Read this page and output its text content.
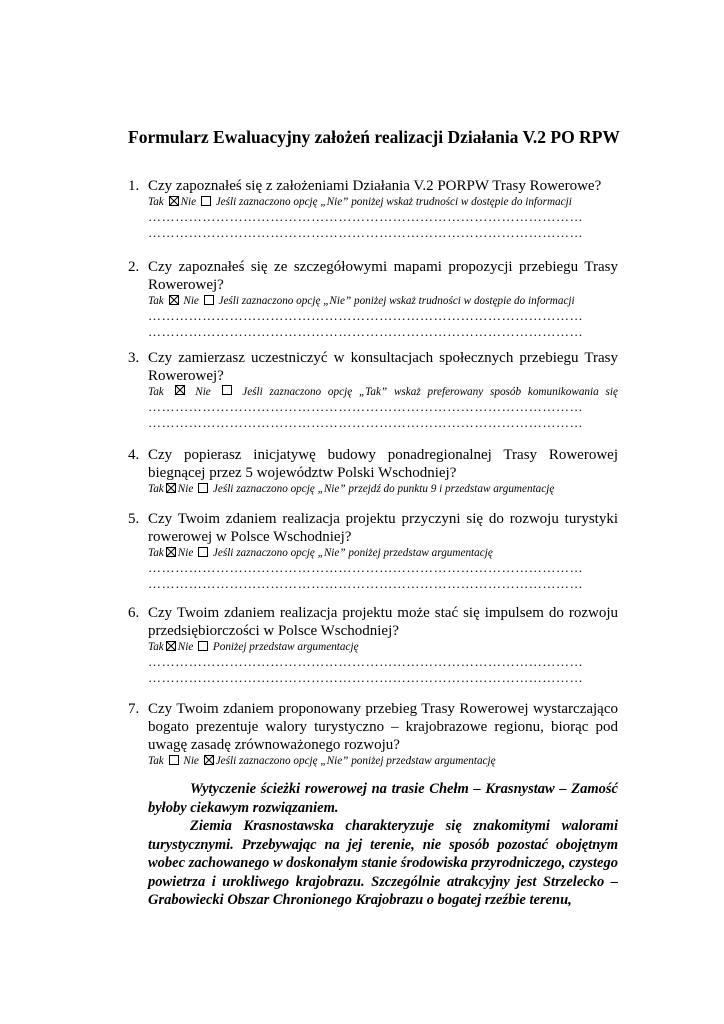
Formularz Ewaluacyjny założeń realizacji Działania V.2 PO RPW
1. Czy zapoznałeś się z założeniami Działania V.2 PORPW Trasy Rowerowe?
Tak Nie Jeśli zaznaczono opcję „Nie” poniżej wskaż trudności w dostępie do informacji
……………………………………………………………………………………
……………………………………………………………………………………
2. Czy zapoznałeś się ze szczegółowymi mapami propozycji przebiegu Trasy Rowerowej?
Tak Nie Jeśli zaznaczono opcję „Nie” poniżej wskaż trudności w dostępie do informacji
……………………………………………………………………………………
……………………………………………………………………………………
3. Czy zamierzasz uczestniczyć w konsultacjach społecznych przebiegu Trasy Rowerowej?
Tak	Nie	Jeśli zaznaczono opcję „Tak” wskaż preferowany sposób komunikowania się
……………………………………………………………………………………
……………………………………………………………………………………
4. Czy popierasz inicjatywę budowy ponadregionalnej Trasy Rowerowej biegnącej przez 5 województw Polski Wschodniej?
Tak Nie Jeśli zaznaczono opcję „Nie” przejdź do punktu 9 i przedstaw argumentację
5. Czy Twoim zdaniem realizacja projektu przyczyni się do rozwoju turystyki rowerowej w Polsce Wschodniej?
Tak Nie Jeśli zaznaczono opcję „Nie” poniżej przedstaw argumentację
……………………………………………………………………………………
……………………………………………………………………………………
6. Czy Twoim zdaniem realizacja projektu może stać się impulsem do rozwoju przedsiębiorczości w Polsce Wschodniej?
Tak Nie Poniżej przedstaw argumentację
……………………………………………………………………………………
……………………………………………………………………………………
7. Czy Twoim zdaniem proponowany przebieg Trasy Rowerowej wystarczająco bogato prezentuje walory turystyczno – krajobrazowe regionu, biorąc pod uwagę zasadę zrównoważonego rozwoju?
Tak Nie Jeśli zaznaczono opcję „Nie” poniżej przedstaw argumentację

Wytyczenie ścieżki rowerowej na trasie Chełm – Krasnystaw – Zamość byłoby ciekawym rozwiązaniem.

Ziemia Krasnostawska charakteryzuje się znakomitymi walorami turystycznymi. Przebywając na jej terenie, nie sposób pozostać obojętnym wobec zachowanego w doskonałym stanie środowiska przyrodniczego, czystego powietrza i urokliwego krajobrazu. Szczególnie atrakcyjny jest Strzelecko – Grabowiecki Obszar Chronionego Krajobrazu o bogatej rzeźbie terenu,
